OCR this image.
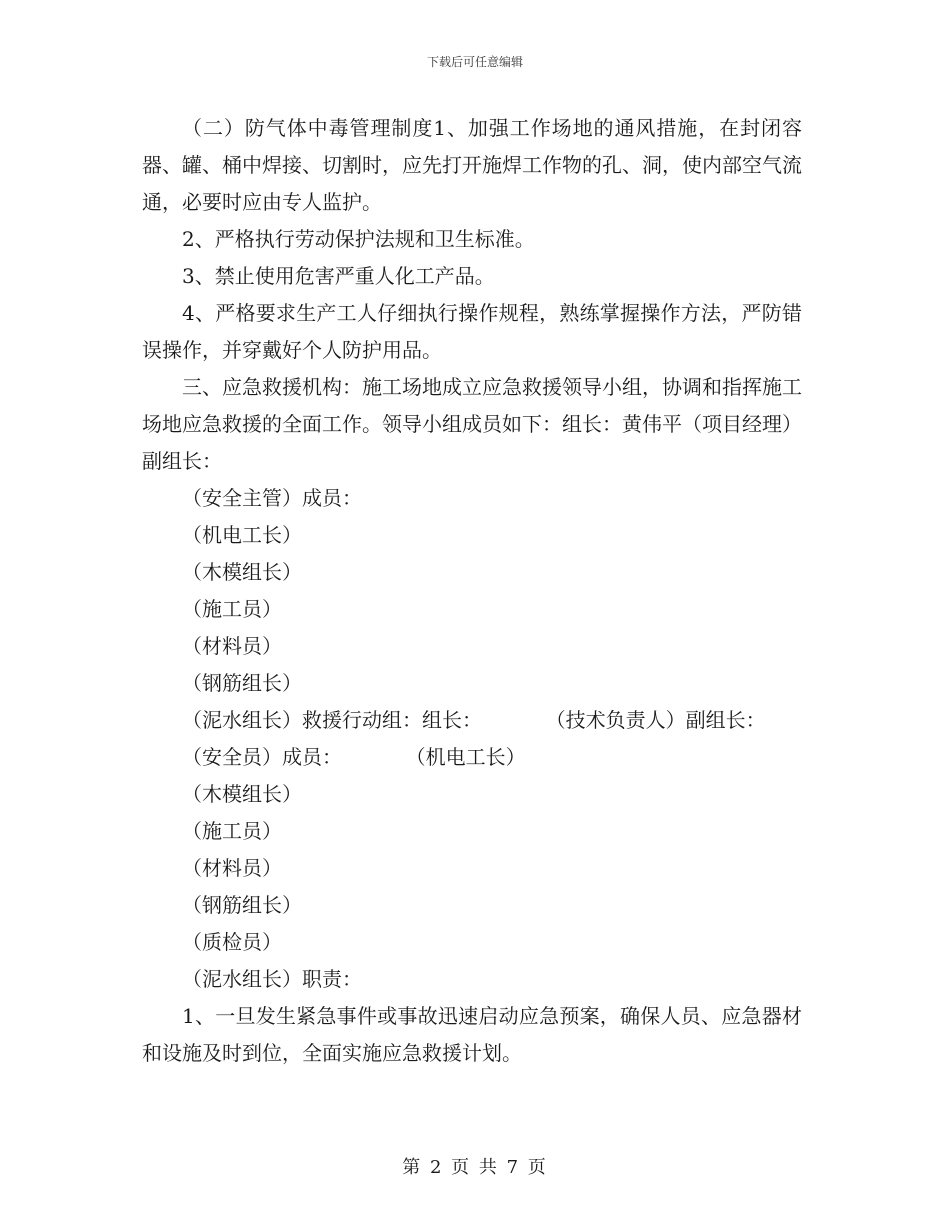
下载后可任意编辑

（二）防气体中毒管理制度1、加强工作场地的通风措施，在封闭容器、罐、桶中焊接、切割时，应先打开施焊工作物的孔、洞，使内部空气流通，必要时应由专人监护。

2、严格执行劳动保护法规和卫生标准。

3、禁止使用危害严重人化工产品。

4、严格要求生产工人仔细执行操作规程，熟练掌握操作方法，严防错误操作，并穿戴好个人防护用品。

三、应急救援机构：施工场地成立应急救援领导小组，协调和指挥施工场地应急救援的全面工作。领导小组成员如下：组长：黄伟平（项目经理）副组长：

（安全主管）成员：
（机电工长）
（木模组长）
（施工员）
（材料员）
（钢筋组长）

（泥水组长）救援行动组：组长：          （技术负责人）副组长：

（安全员）成员：          （机电工长）
（木模组长）
（施工员）
（材料员）
（钢筋组长）
（质检员）
（泥水组长）职责：

1、一旦发生紧急事件或事故迅速启动应急预案，确保人员、应急器材和设施及时到位，全面实施应急救援计划。

第 2 页 共 7 页
